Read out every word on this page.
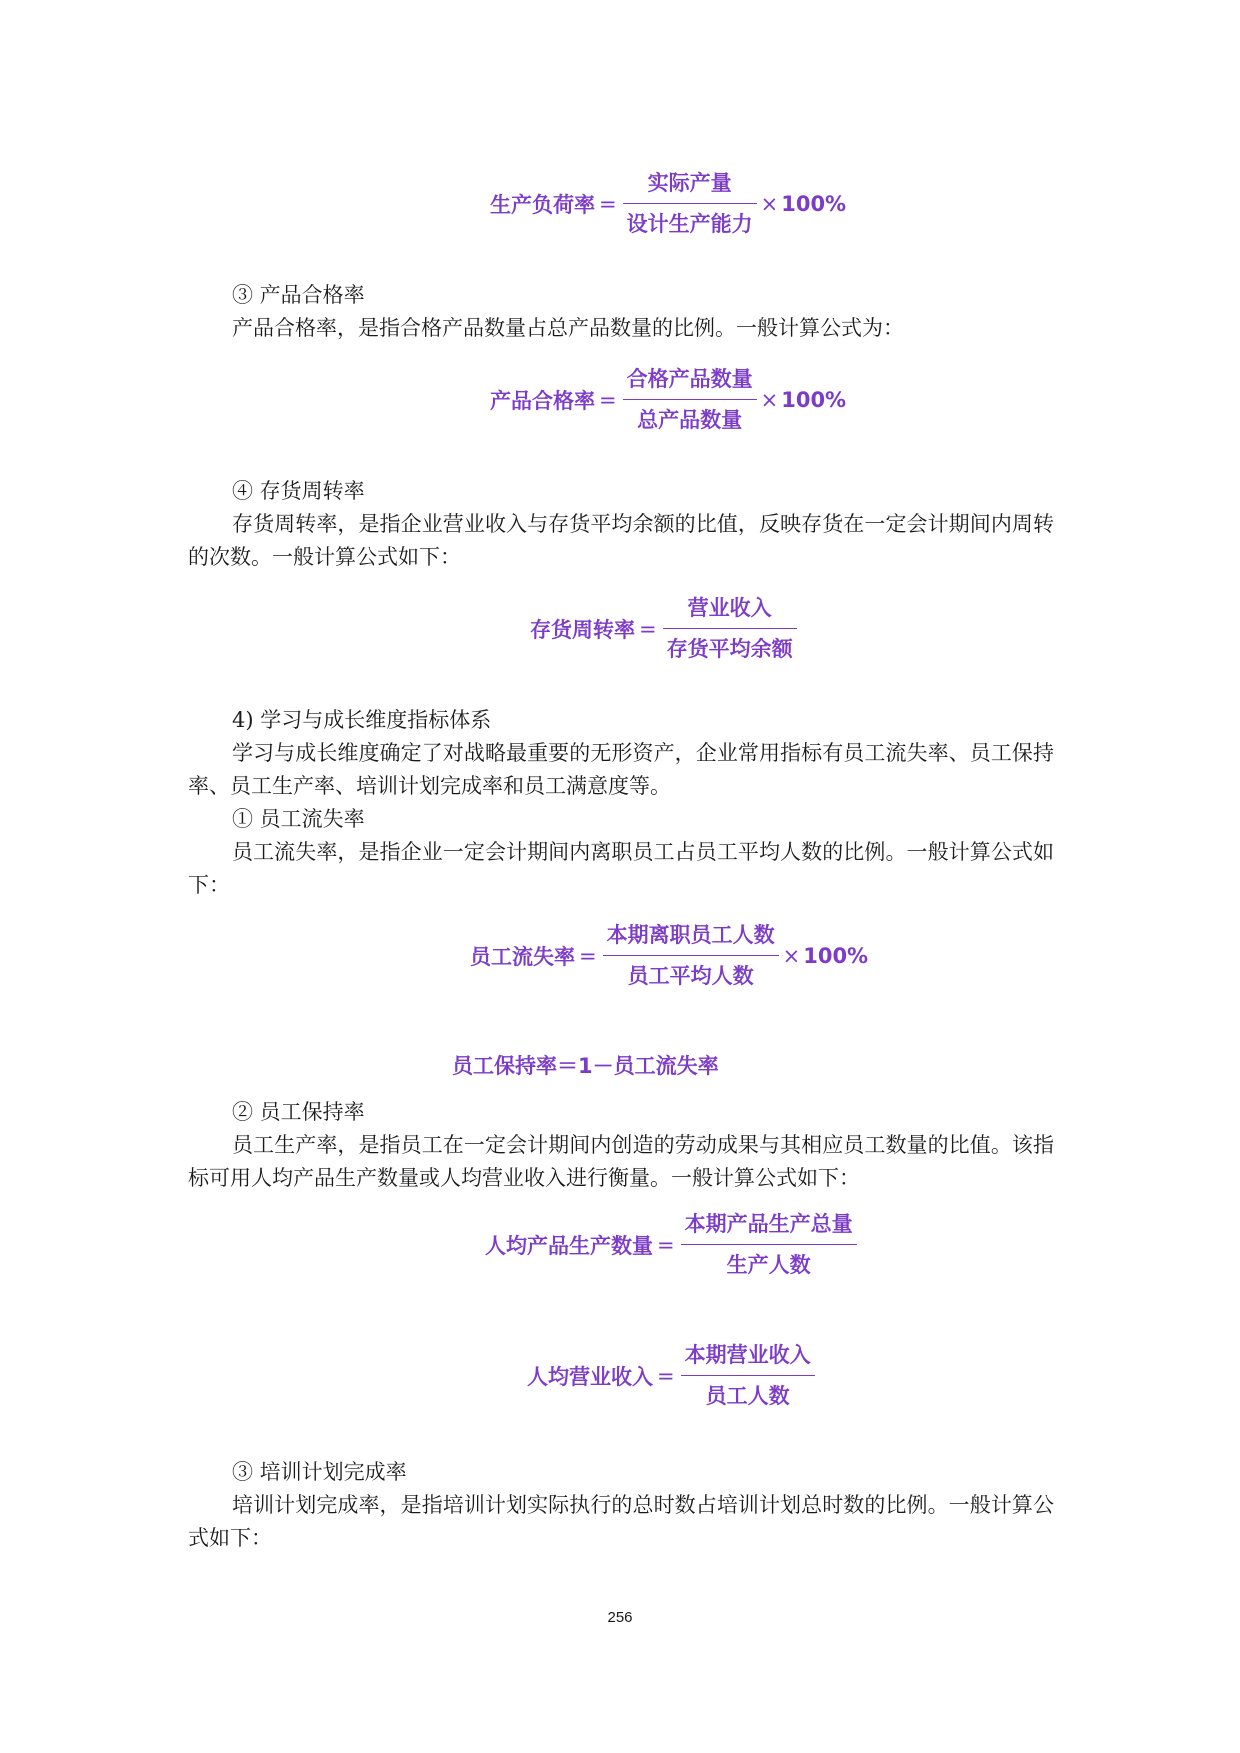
生产负荷率 = $\frac{\text{实际产量}}{\text{设计生产能力}} \times 100\%$

③ 产品合格率

产品合格率，是指合格产品数量占总产品数量的比例。一般计算公式为：

产品合格率 = $\frac{\text{合格产品数量}}{\text{总产品数量}} \times 100\%$

④ 存货周转率

存货周转率，是指企业营业收入与存货平均余额的比值，反映存货在一定会计期间内周转的次数。一般计算公式如下：

存货周转率 = $\frac{\text{营业收入}}{\text{存货平均余额}}$

4) 学习与成长维度指标体系

学习与成长维度确定了对战略最重要的无形资产，企业常用指标有员工流失率、员工保持率、员工生产率、培训计划完成率和员工满意度等。

① 员工流失率

员工流失率，是指企业一定会计期间内离职员工占员工平均人数的比例。一般计算公式如下：

员工流失率 = $\frac{\text{本期离职员工人数}}{\text{员工平均人数}} \times 100\%$
员工保持率＝1－员工流失率

② 员工保持率

员工生产率，是指员工在一定会计期间内创造的劳动成果与其相应员工数量的比值。该指标可用人均产品生产数量或人均营业收入进行衡量。一般计算公式如下：

人均产品生产数量 = $\frac{\text{本期产品生产总量}}{\text{生产人数}}$
人均营业收入 = $\frac{\text{本期营业收入}}{\text{员工人数}}$

③ 培训计划完成率

培训计划完成率，是指培训计划实际执行的总时数占培训计划总时数的比例。一般计算公式如下：

256
